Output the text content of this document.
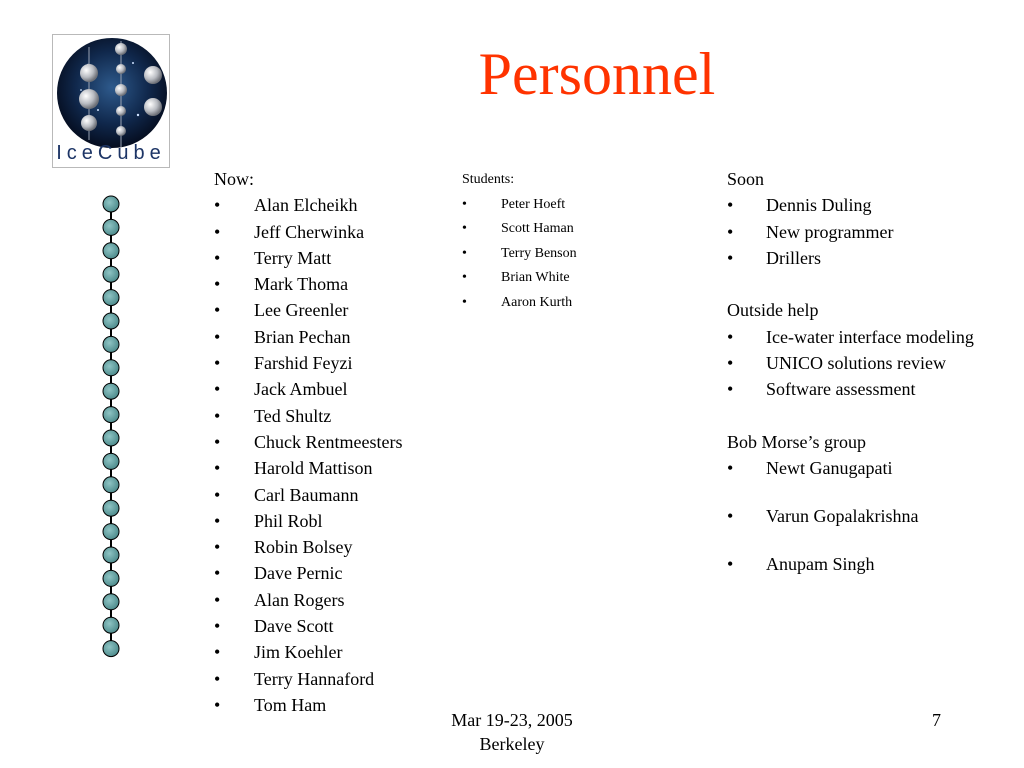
IceCube
Personnel
Now:
• Alan Elcheikh
• Jeff Cherwinka
• Terry Matt
• Mark Thoma
• Lee Greenler
• Brian Pechan
• Farshid Feyzi
• Jack Ambuel
• Ted Shultz
• Chuck Rentmeesters
• Harold Mattison
• Carl Baumann
• Phil Robl
• Robin Bolsey
• Dave Pernic
• Alan Rogers
• Dave Scott
• Jim Koehler
• Terry Hannaford
• Tom Ham
Students:
• Peter Hoeft
• Scott Haman
• Terry Benson
• Brian White
• Aaron Kurth
Soon
• Dennis Duling
• New programmer
• Drillers
Outside help
• Ice-water interface modeling
• UNICO solutions review
• Software assessment
Bob Morse’s group
• Newt Ganugapati
• Varun Gopalakrishna
• Anupam Singh
Mar 19-23, 2005
Berkeley
7
